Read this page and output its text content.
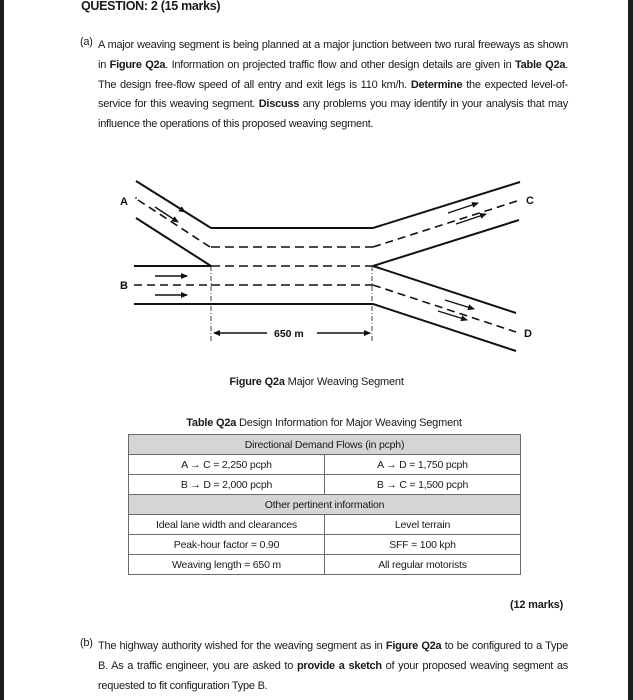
QUESTION: 2 (15 marks)
(a) A major weaving segment is being planned at a major junction between two rural freeways as shown in Figure Q2a. Information on projected traffic flow and other design details are given in Table Q2a. The design free-flow speed of all entry and exit legs is 110 km/h. Determine the expected level-of-service for this weaving segment. Discuss any problems you may identify in your analysis that may influence the operations of this proposed weaving segment.
A
B
C
D
650 m
Figure Q2a Major Weaving Segment
Table Q2a Design Information for Major Weaving Segment
Directional Demand Flows (in pcph)	
A → C = 2,250 pcph	A → D = 1,750 pcph
B → D = 2,000 pcph	B → C = 1,500 pcph
Other pertinent information	
Ideal lane width and clearances	Level terrain
Peak-hour factor = 0.90	SFF = 100 kph
Weaving length = 650 m	All regular motorists
(12 marks)
(b) The highway authority wished for the weaving segment as in Figure Q2a to be configured to a Type B. As a traffic engineer, you are asked to provide a sketch of your proposed weaving segment as requested to fit configuration Type B.
